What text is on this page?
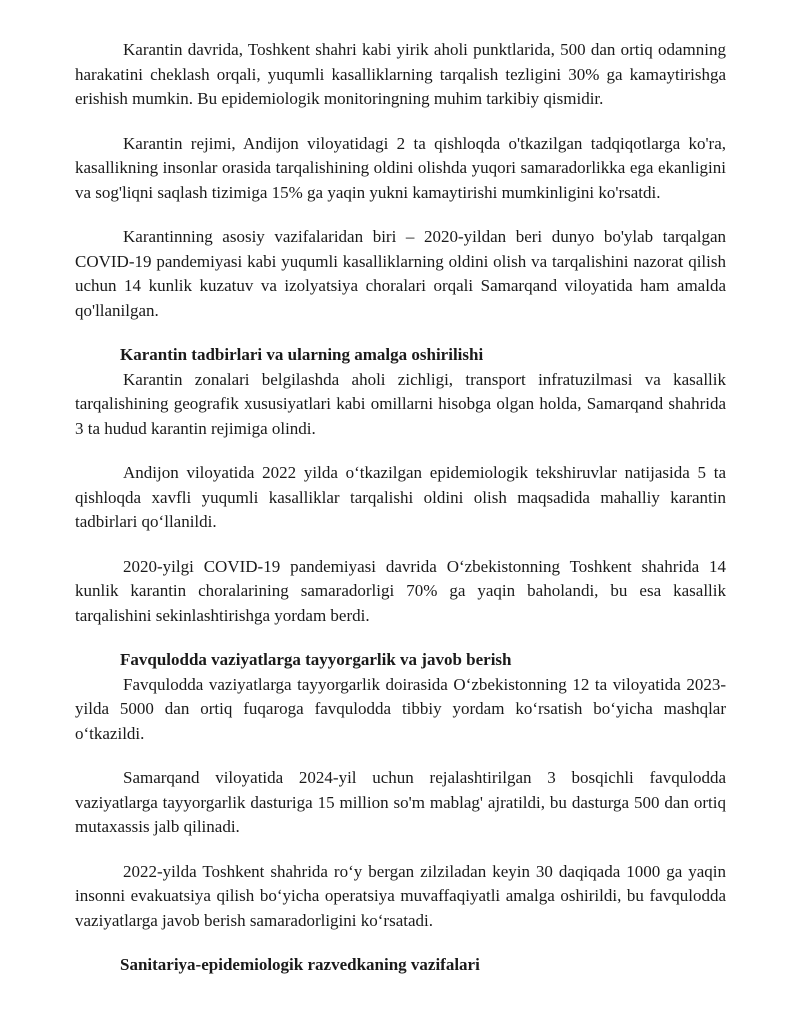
Karantin davrida, Toshkent shahri kabi yirik aholi punktlarida, 500 dan ortiq odamning harakatini cheklash orqali, yuqumli kasalliklarning tarqalish tezligini 30% ga kamaytirishga erishish mumkin. Bu epidemiologik monitoringning muhim tarkibiy qismidir.

Karantin rejimi, Andijon viloyatidagi 2 ta qishloqda o'tkazilgan tadqiqotlarga ko'ra, kasallikning insonlar orasida tarqalishining oldini olishda yuqori samaradorlikka ega ekanligini va sog'liqni saqlash tizimiga 15% ga yaqin yukni kamaytirishi mumkinligini ko'rsatdi.

Karantinning asosiy vazifalaridan biri – 2020-yildan beri dunyo bo'ylab tarqalgan COVID-19 pandemiyasi kabi yuqumli kasalliklarning oldini olish va tarqalishini nazorat qilish uchun 14 kunlik kuzatuv va izolyatsiya choralari orqali Samarqand viloyatida ham amalda qo'llanilgan.

Karantin tadbirlari va ularning amalga oshirilishi

Karantin zonalari belgilashda aholi zichligi, transport infratuzilmasi va kasallik tarqalishining geografik xususiyatlari kabi omillarni hisobga olgan holda, Samarqand shahrida 3 ta hudud karantin rejimiga olindi.

Andijon viloyatida 2022 yilda o‘tkazilgan epidemiologik tekshiruvlar natijasida 5 ta qishloqda xavfli yuqumli kasalliklar tarqalishi oldini olish maqsadida mahalliy karantin tadbirlari qo‘llanildi.

2020-yilgi COVID-19 pandemiyasi davrida O‘zbekistonning Toshkent shahrida 14 kunlik karantin choralarining samaradorligi 70% ga yaqin baholandi, bu esa kasallik tarqalishini sekinlashtirishga yordam berdi.

Favqulodda vaziyatlarga tayyorgarlik va javob berish

Favqulodda vaziyatlarga tayyorgarlik doirasida O‘zbekistonning 12 ta viloyatida 2023-yilda 5000 dan ortiq fuqaroga favqulodda tibbiy yordam ko‘rsatish bo‘yicha mashqlar o‘tkazildi.

Samarqand viloyatida 2024-yil uchun rejalashtirilgan 3 bosqichli favqulodda vaziyatlarga tayyorgarlik dasturiga 15 million so'm mablag' ajratildi, bu dasturga 500 dan ortiq mutaxassis jalb qilinadi.

2022-yilda Toshkent shahrida ro‘y bergan zilziladan keyin 30 daqiqada 1000 ga yaqin insonni evakuatsiya qilish bo‘yicha operatsiya muvaffaqiyatli amalga oshirildi, bu favqulodda vaziyatlarga javob berish samaradorligini ko‘rsatadi.

Sanitariya-epidemiologik razvedkaning vazifalari
